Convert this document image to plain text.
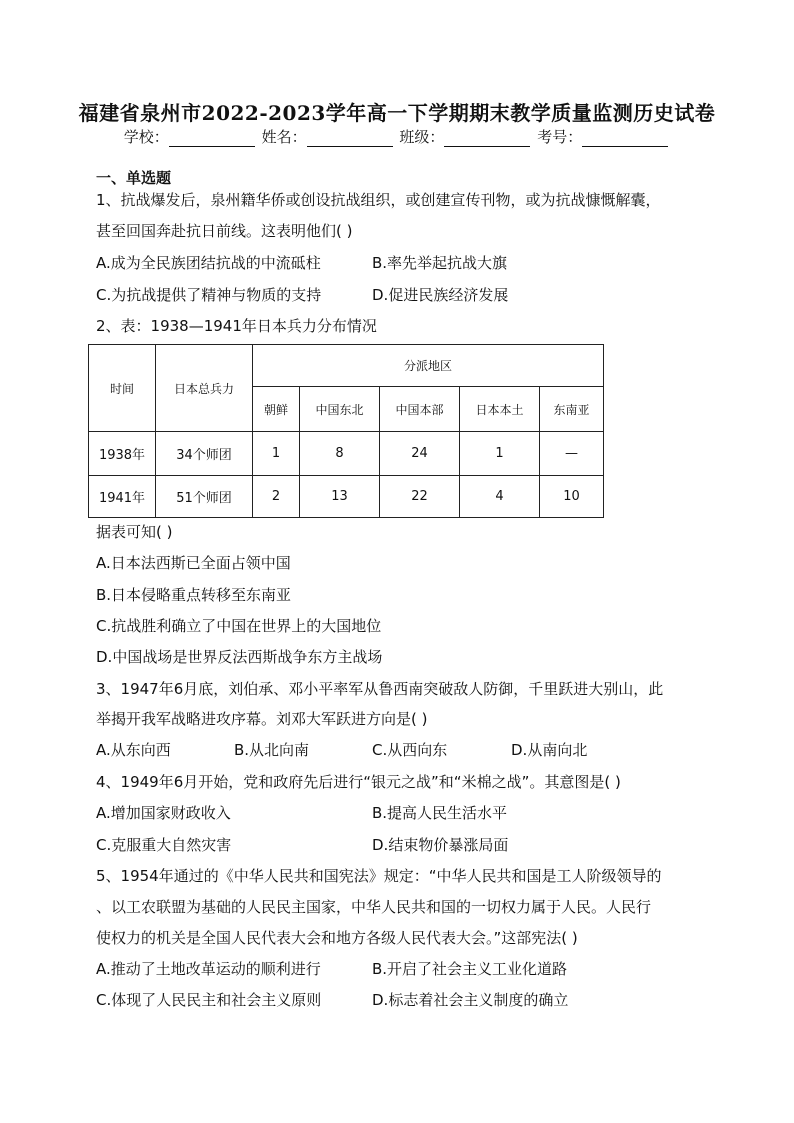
福建省泉州市2022-2023学年高一下学期期末教学质量监测历史试卷
学校：	姓名：	班级：	考号：
一、单选题
1、抗战爆发后，泉州籍华侨或创设抗战组织，或创建宣传刊物，或为抗战慷慨解囊，
甚至回国奔赴抗日前线。这表明他们( )
A.成为全民族团结抗战的中流砥柱	B.率先举起抗战大旗
C.为抗战提供了精神与物质的支持	D.促进民族经济发展
2、表：1938—1941年日本兵力分布情况
时间	日本总兵力	分派地区				
		朝鲜	中国东北	中国本部	日本本土	东南亚
1938年	34个师团	1	8	24	1	—
1941年	51个师团	2	13	22	4	10
据表可知( )
A.日本法西斯已全面占领中国
B.日本侵略重点转移至东南亚
C.抗战胜利确立了中国在世界上的大国地位
D.中国战场是世界反法西斯战争东方主战场
3、1947年6月底，刘伯承、邓小平率军从鲁西南突破敌人防御，千里跃进大别山，此
举揭开我军战略进攻序幕。刘邓大军跃进方向是( )
A.从东向西	B.从北向南	C.从西向东	D.从南向北
4、1949年6月开始，党和政府先后进行“银元之战”和“米棉之战”。其意图是( )
A.增加国家财政收入	B.提高人民生活水平
C.克服重大自然灾害	D.结束物价暴涨局面
5、1954年通过的《中华人民共和国宪法》规定：“中华人民共和国是工人阶级领导的
、以工农联盟为基础的人民民主国家，中华人民共和国的一切权力属于人民。人民行
使权力的机关是全国人民代表大会和地方各级人民代表大会。”这部宪法( )
A.推动了土地改革运动的顺利进行	B.开启了社会主义工业化道路
C.体现了人民民主和社会主义原则	D.标志着社会主义制度的确立
